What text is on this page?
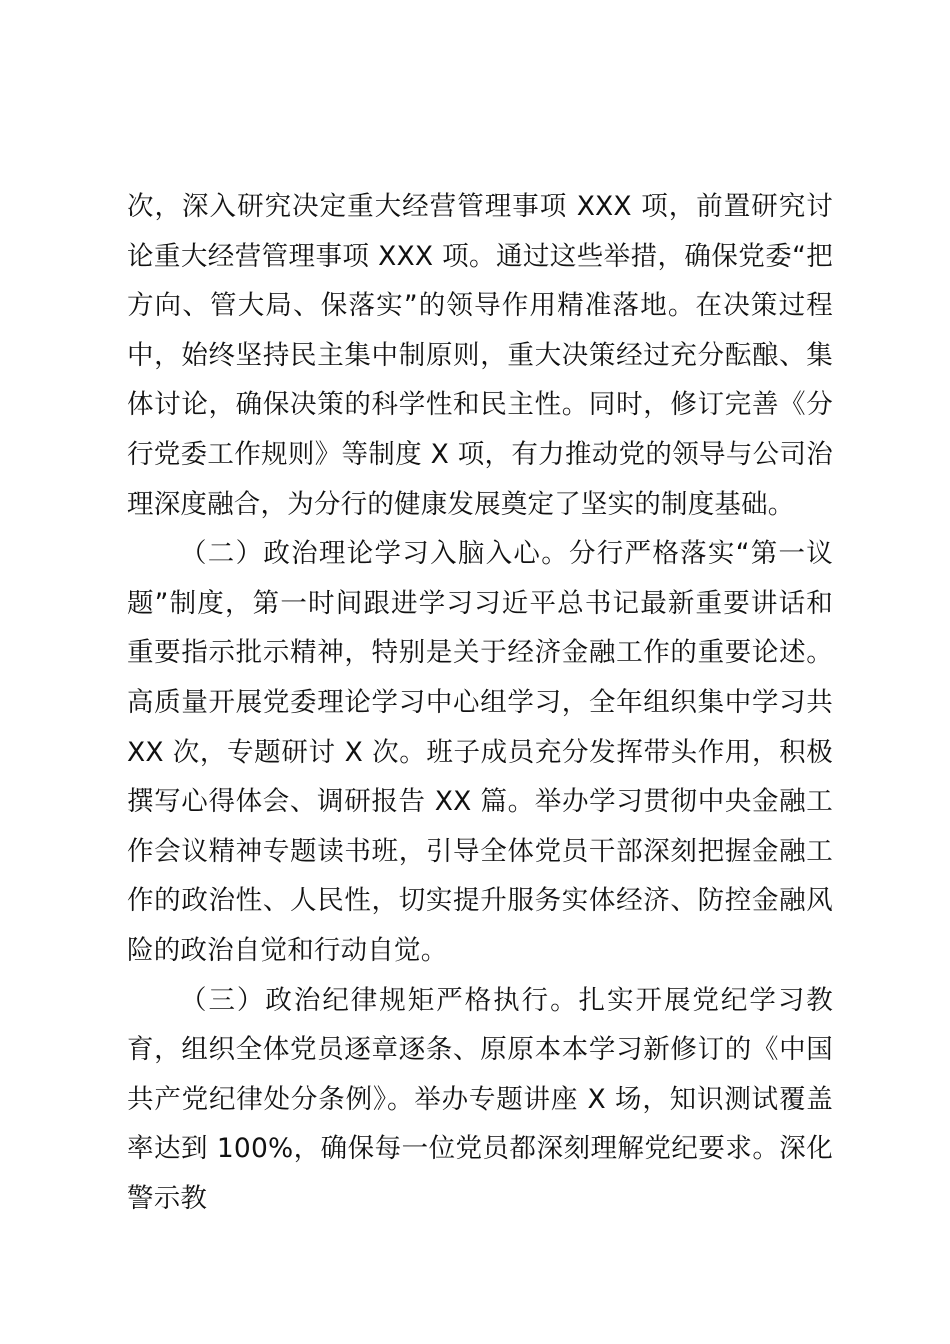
次，深入研究决定重大经营管理事项 XXX 项，前置研究讨论重大经营管理事项 XXX 项。通过这些举措，确保党委“把方向、管大局、保落实”的领导作用精准落地。在决策过程中，始终坚持民主集中制原则，重大决策经过充分酝酿、集体讨论，确保决策的科学性和民主性。同时，修订完善《分行党委工作规则》等制度 X 项，有力推动党的领导与公司治理深度融合，为分行的健康发展奠定了坚实的制度基础。

（二）政治理论学习入脑入心。分行严格落实“第一议题”制度，第一时间跟进学习习近平总书记最新重要讲话和重要指示批示精神，特别是关于经济金融工作的重要论述。高质量开展党委理论学习中心组学习，全年组织集中学习共 XX 次，专题研讨 X 次。班子成员充分发挥带头作用，积极撰写心得体会、调研报告 XX 篇。举办学习贯彻中央金融工作会议精神专题读书班，引导全体党员干部深刻把握金融工作的政治性、人民性，切实提升服务实体经济、防控金融风险的政治自觉和行动自觉。

（三）政治纪律规矩严格执行。扎实开展党纪学习教育，组织全体党员逐章逐条、原原本本学习新修订的《中国共产党纪律处分条例》。举办专题讲座 X 场，知识测试覆盖率达到 100%，确保每一位党员都深刻理解党纪要求。深化警示教
